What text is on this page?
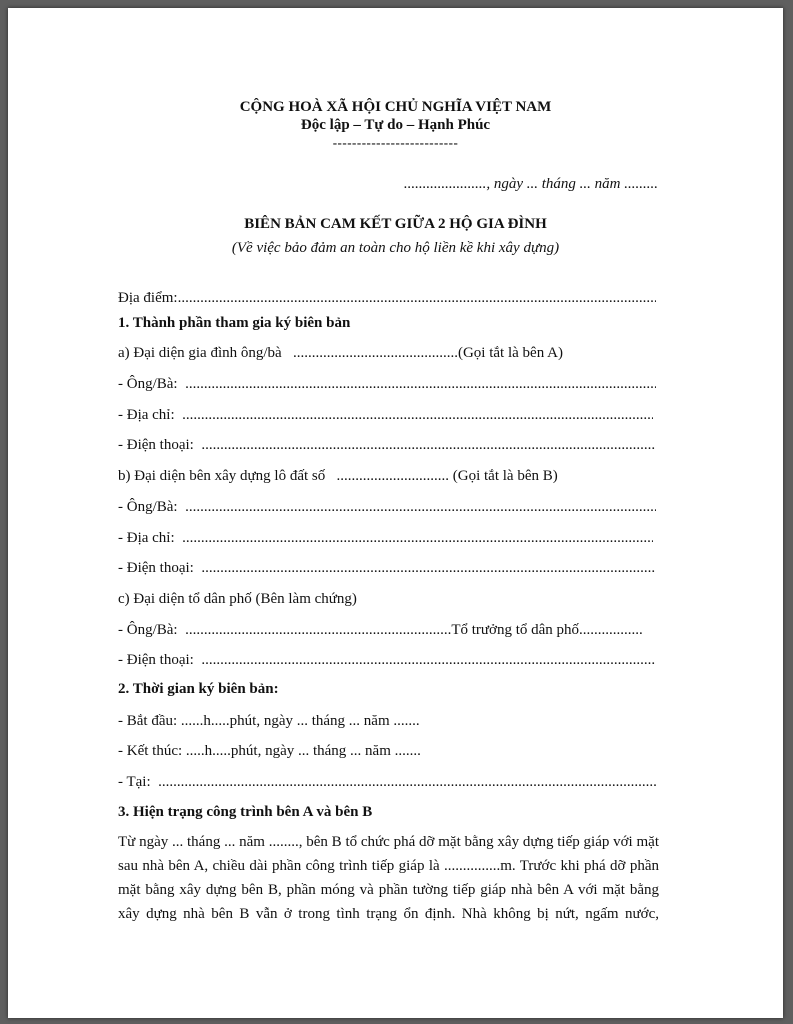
CỘNG HOÀ XÃ HỘI CHỦ NGHĨA VIỆT NAM
Độc lập – Tự do – Hạnh Phúc
--------------------------
......................, ngày ... tháng ... năm .........
BIÊN BẢN CAM KẾT GIỮA 2 HỘ GIA ĐÌNH
(Về việc bảo đảm an toàn cho hộ liền kề khi xây dựng)
Địa điểm:
.....
1. Thành phần tham gia ký biên bản
a) Đại diện gia đình ông/bà   ............................................(Gọi tắt là bên A)
- Ông/Bà:

.....
- Địa chỉ:

.....
- Điện thoại:

.....
b) Đại diện bên xây dựng lô đất số   .............................. (Gọi tắt là bên B)
- Ông/Bà:

.....
- Địa chỉ:

.....
- Điện thoại:

.....
c) Đại diện tổ dân phố (Bên làm chứng)
- Ông/Bà:  .......................................................................Tổ trưởng tổ dân phố.................
- Điện thoại:

.....
2. Thời gian ký biên bản:
- Bắt đầu: ......h.....phút, ngày ... tháng ... năm .......
- Kết thúc: .....h.....phút, ngày ... tháng ... năm .......
- Tại:

.....
3. Hiện trạng công trình bên A và bên B
Từ ngày ... tháng ... năm ........, bên B tổ chức phá dỡ mặt bằng xây dựng tiếp giáp với mặt
sau nhà bên A, chiều dài phần công trình tiếp giáp là ...............m. Trước khi phá dỡ phần
mặt bằng xây dựng bên B, phần móng và phần tường tiếp giáp nhà bên A với mặt bằng
xây dựng nhà bên B vẫn ở trong tình trạng ổn định. Nhà không bị nứt, ngấm nước,
